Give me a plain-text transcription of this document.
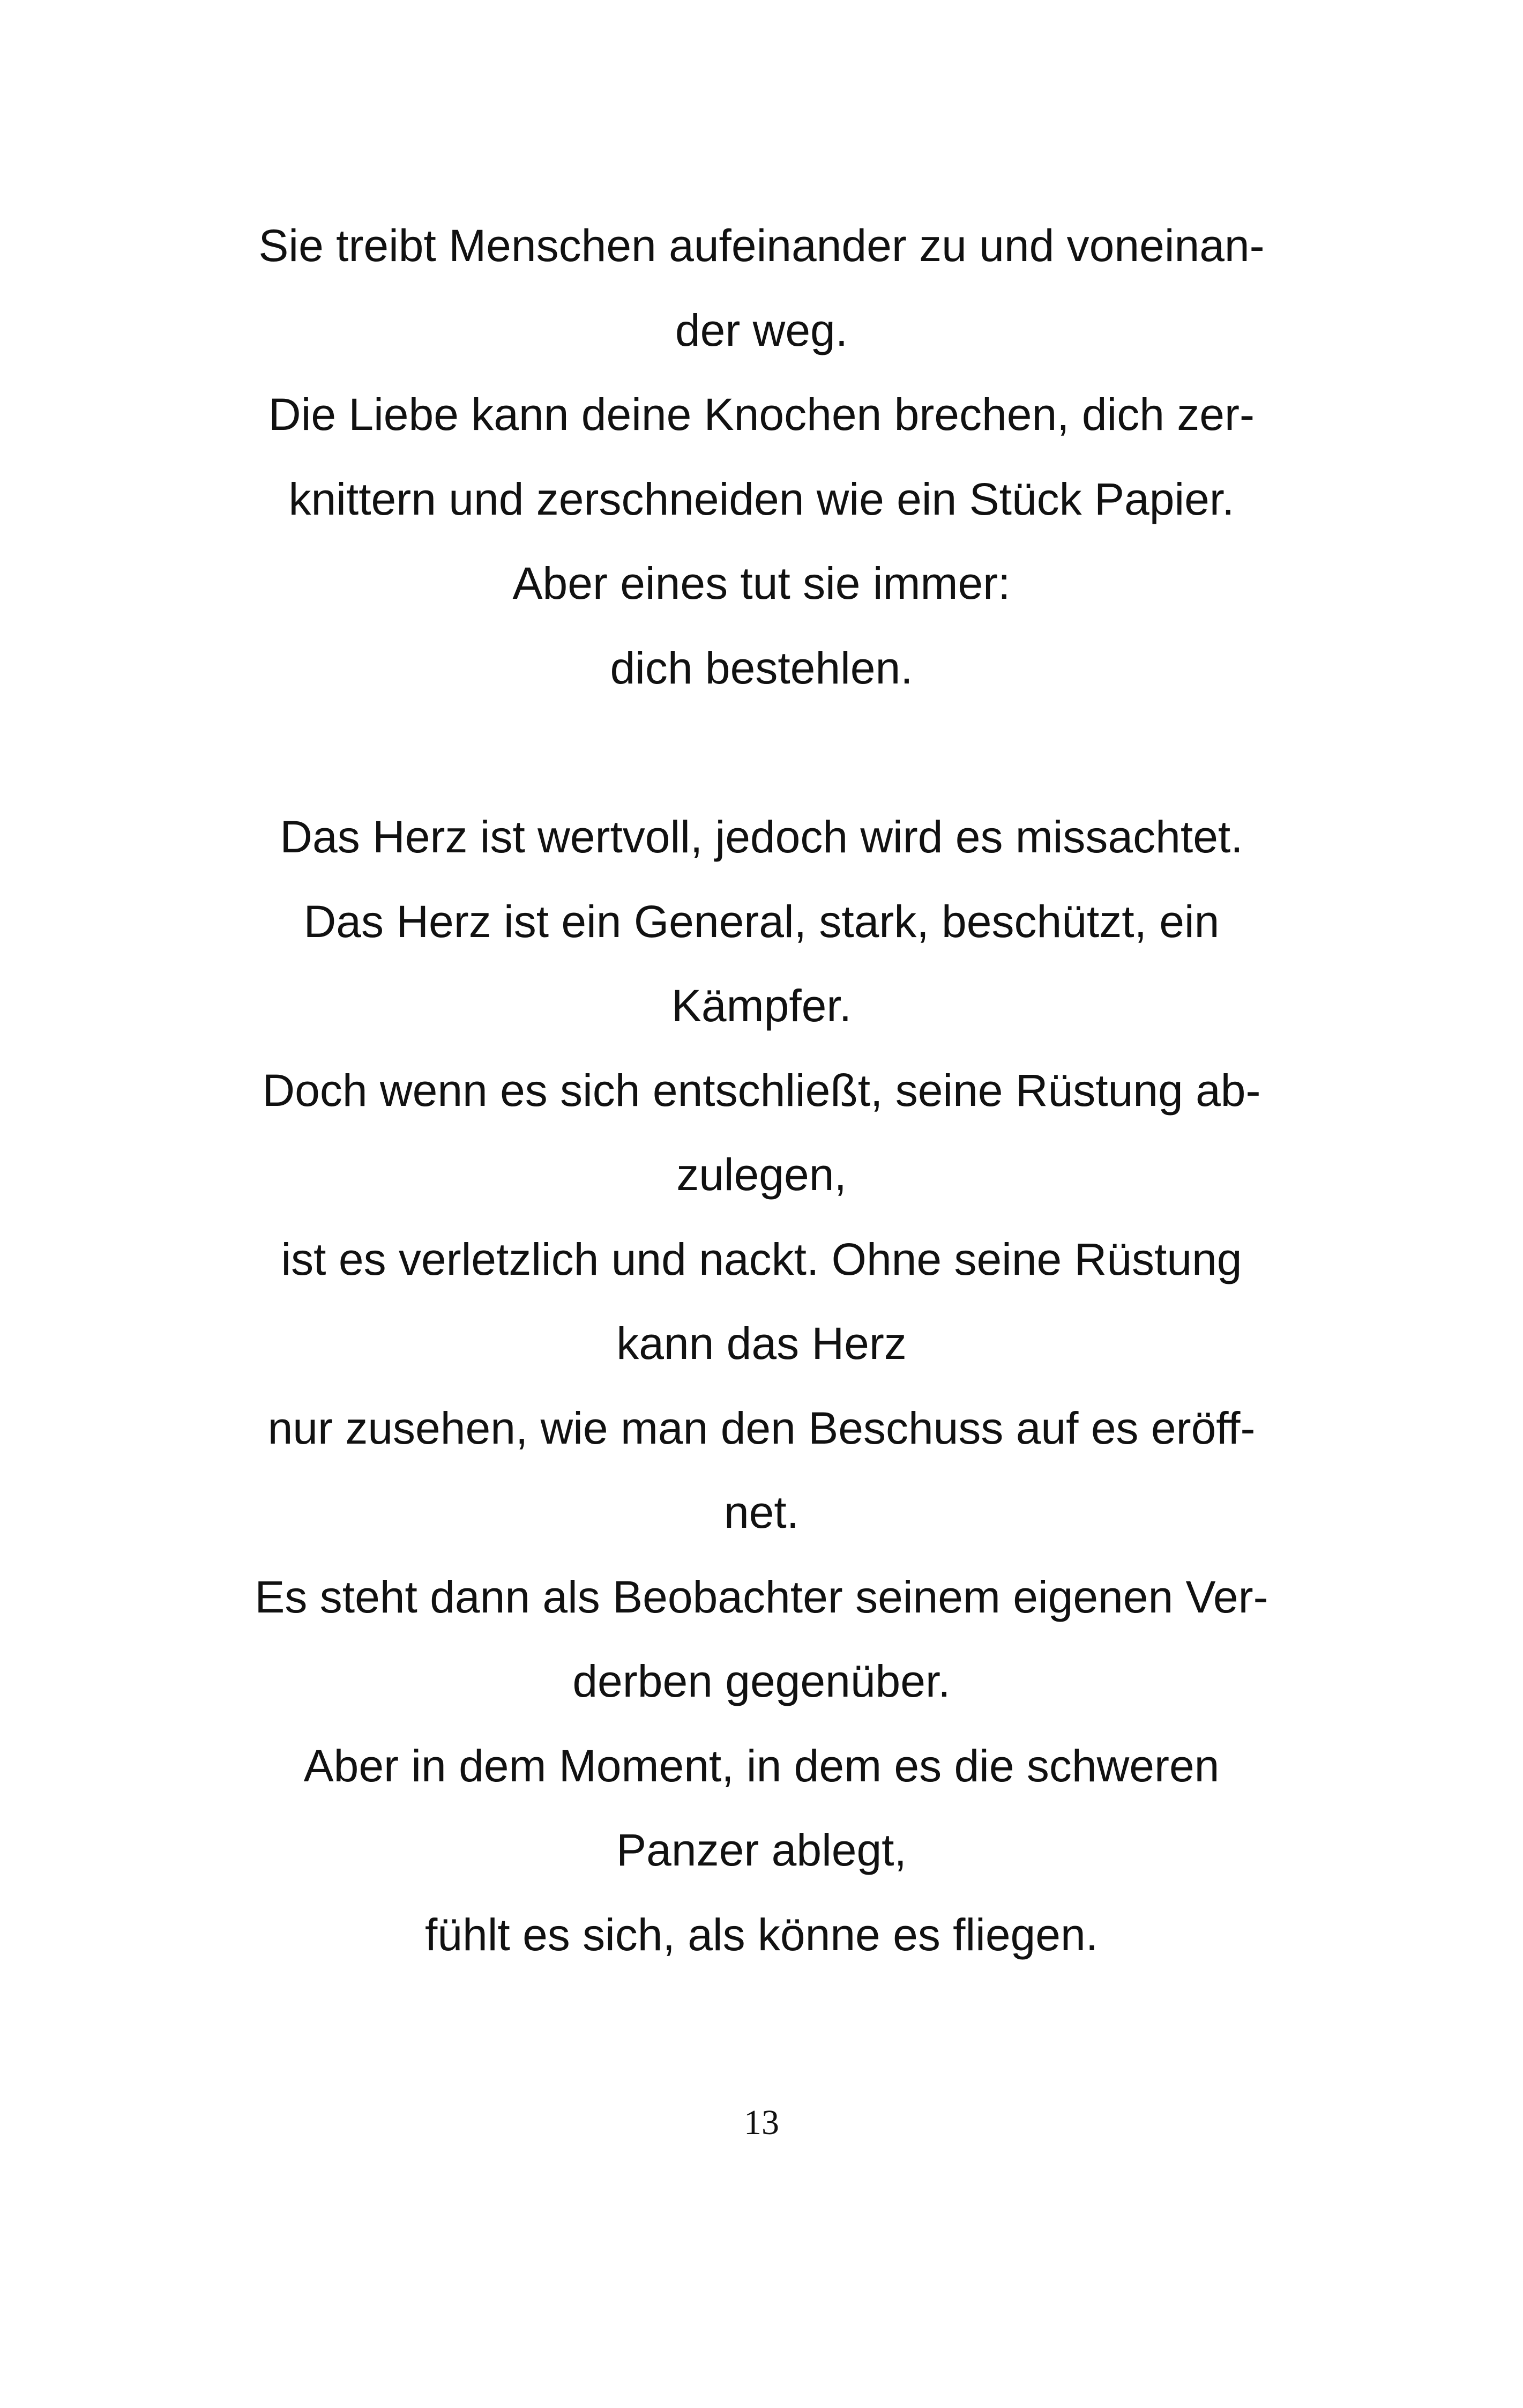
Sie treibt Menschen aufeinander zu und voneinan-
der weg.
Die Liebe kann deine Knochen brechen, dich zer-
knittern und zerschneiden wie ein Stück Papier.
Aber eines tut sie immer:
dich bestehlen.
Das Herz ist wertvoll, jedoch wird es missachtet.
Das Herz ist ein General, stark, beschützt, ein
Kämpfer.
Doch wenn es sich entschließt, seine Rüstung ab-
zulegen,
ist es verletzlich und nackt. Ohne seine Rüstung
kann das Herz
nur zusehen, wie man den Beschuss auf es eröff-
net.
Es steht dann als Beobachter seinem eigenen Ver-
derben gegenüber.
Aber in dem Moment, in dem es die schweren
Panzer ablegt,
fühlt es sich, als könne es fliegen.
13
